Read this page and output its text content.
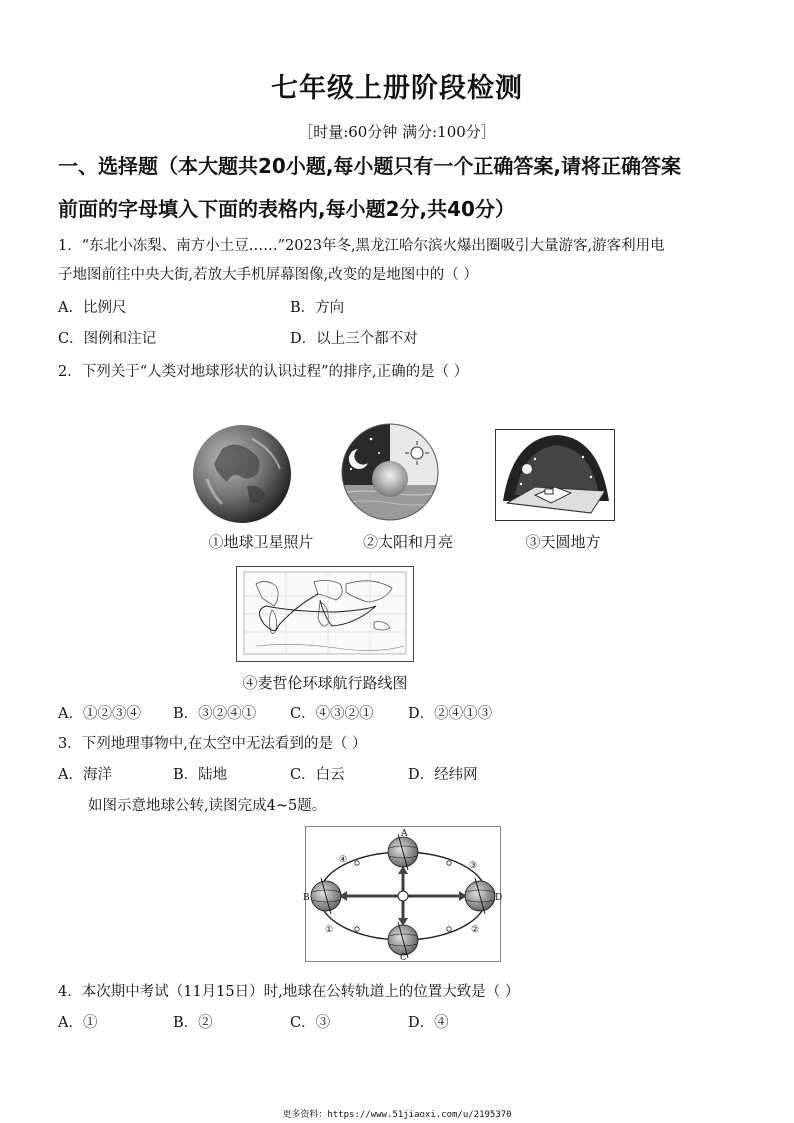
七年级上册阶段检测
［时量:60分钟 满分:100分］
一、选择题（本大题共20小题,每小题只有一个正确答案,请将正确答案
前面的字母填入下面的表格内,每小题2分,共40分）
1．“东北小冻梨、南方小土豆……”2023年冬,黑龙江哈尔滨火爆出圈吸引大量游客,游客利用电
子地图前往中央大街,若放大手机屏幕图像,改变的是地图中的（ ）
A．比例尺	B．方向
C．图例和注记	D．以上三个都不对
2．下列关于“人类对地球形状的认识过程”的排序,正确的是（ ）
①地球卫星照片	②太阳和月亮	③天圆地方
④麦哲伦环球航行路线图
A．①②③④ B．③②④① C．④③②① D．②④①③
3．下列地理事物中,在太空中无法看到的是（ ）
A．海洋	B．陆地	C．白云	D．经纬网
如图示意地球公转,读图完成4~5题。
A
B
C
D
①	②
③
④
4．本次期中考试（11月15日）时,地球在公转轨道上的位置大致是（ ）
A．①	B．②	C．③	D．④
更多资料：https://www.51jiaoxi.com/u/2195370
